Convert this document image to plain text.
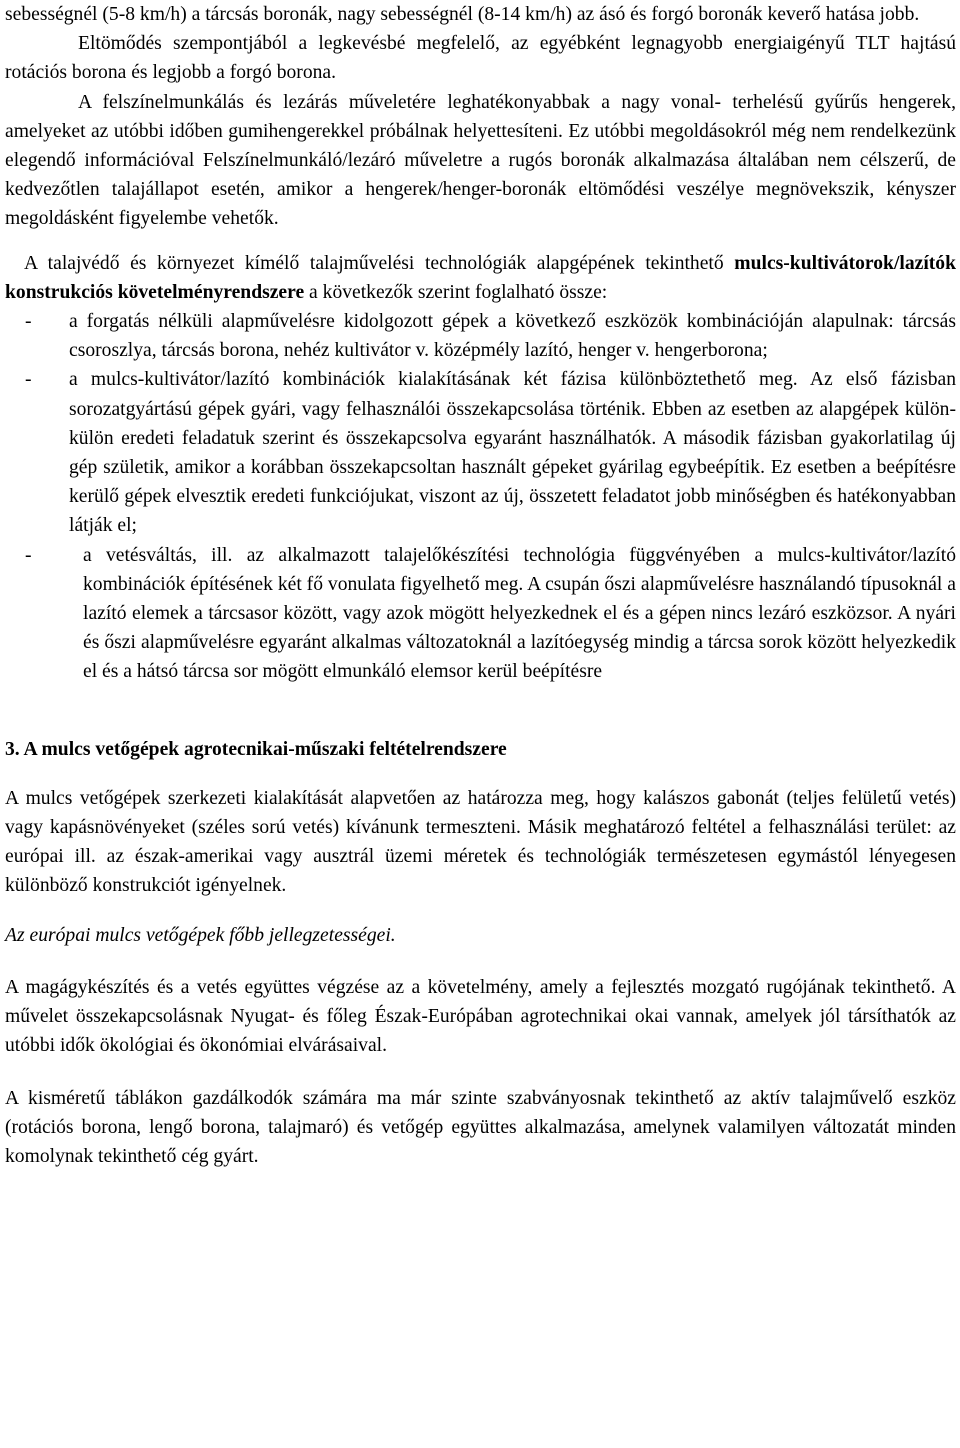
sebességnél (5-8 km/h) a tárcsás boronák, nagy sebességnél (8-14 km/h) az ásó és forgó boronák keverő hatása jobb.

Eltömődés szempontjából a legkevésbé megfelelő, az egyébként legnagyobb energiaigényű TLT hajtású rotációs borona és legjobb a forgó borona.

A felszínelmunkálás és lezárás műveletére leghatékonyabbak a nagy vonal- terhelésű gyűrűs hengerek, amelyeket az utóbbi időben gumihengerekkel próbálnak helyettesíteni. Ez utóbbi megoldásokról még nem rendelkezünk elegendő információval Felszínelmunkáló/lezáró műveletre a rugós boronák alkalmazása általában nem célszerű, de kedvezőtlen talajállapot esetén, amikor a hengerek/henger-boronák eltömődési veszélye megnövekszik, kényszer megoldásként figyelembe vehetők.

A talajvédő és környezet kímélő talajművelési technológiák alapgépének tekinthető mulcs-kultivátorok/lazítók konstrukciós követelményrendszere a következők szerint foglalható össze:

- a forgatás nélküli alapművelésre kidolgozott gépek a következő eszközök kombinációján alapulnak: tárcsás csoroszlya, tárcsás borona, nehéz kultivátor v. középmély lazító, henger v. hengerborona;

- a mulcs-kultivátor/lazító kombinációk kialakításának két fázisa különböztethető meg. Az első fázisban sorozatgyártású gépek gyári, vagy felhasználói összekapcsolása történik. Ebben az esetben az alapgépek külön-külön eredeti feladatuk szerint és összekapcsolva egyaránt használhatók. A második fázisban gyakorlatilag új gép születik, amikor a korábban összekapcsoltan használt gépeket gyárilag egybeépítik. Ez esetben a beépítésre kerülő gépek elvesztik eredeti funkciójukat, viszont az új, összetett feladatot jobb minőségben és hatékonyabban látják el;

-	a vetésváltás, ill. az alkalmazott talajelőkészítési technológia függvényében a mulcs-kultivátor/lazító kombinációk építésének két fő vonulata figyelhető meg. A csupán őszi alapművelésre használandó típusoknál a lazító elemek a tárcsasor között, vagy azok mögött helyezkednek el és a gépen nincs lezáró eszközsor. A nyári és őszi alapművelésre egyaránt alkalmas változatoknál a lazítóegység mindig a tárcsa sorok között helyezkedik el és a hátsó tárcsa sor mögött elmunkáló elemsor kerül beépítésre

3. A mulcs vetőgépek agrotecnikai-műszaki feltételrendszere

A mulcs vetőgépek szerkezeti kialakítását alapvetően az határozza meg, hogy kalászos gabonát (teljes felületű vetés) vagy kapásnövényeket (széles sorú vetés) kívánunk termeszteni. Másik meghatározó feltétel a felhasználási terület: az európai ill. az észak-amerikai vagy ausztrál üzemi méretek és technológiák természetesen egymástól lényegesen különböző konstrukciót igényelnek.

Az európai mulcs vetőgépek főbb jellegzetességei.

A magágykészítés és a vetés együttes végzése az a követelmény, amely a fejlesztés mozgató rugójának tekinthető. A művelet összekapcsolásnak Nyugat- és főleg Észak-Európában agrotechnikai okai vannak, amelyek jól társíthatók az utóbbi idők ökológiai és ökonómiai elvárásaival.

A kisméretű táblákon gazdálkodók számára ma már szinte szabványosnak tekinthető az aktív talajművelő eszköz (rotációs borona, lengő borona, talajmaró) és vetőgép együttes alkalmazása, amelynek valamilyen változatát minden komolynak tekinthető cég gyárt.
